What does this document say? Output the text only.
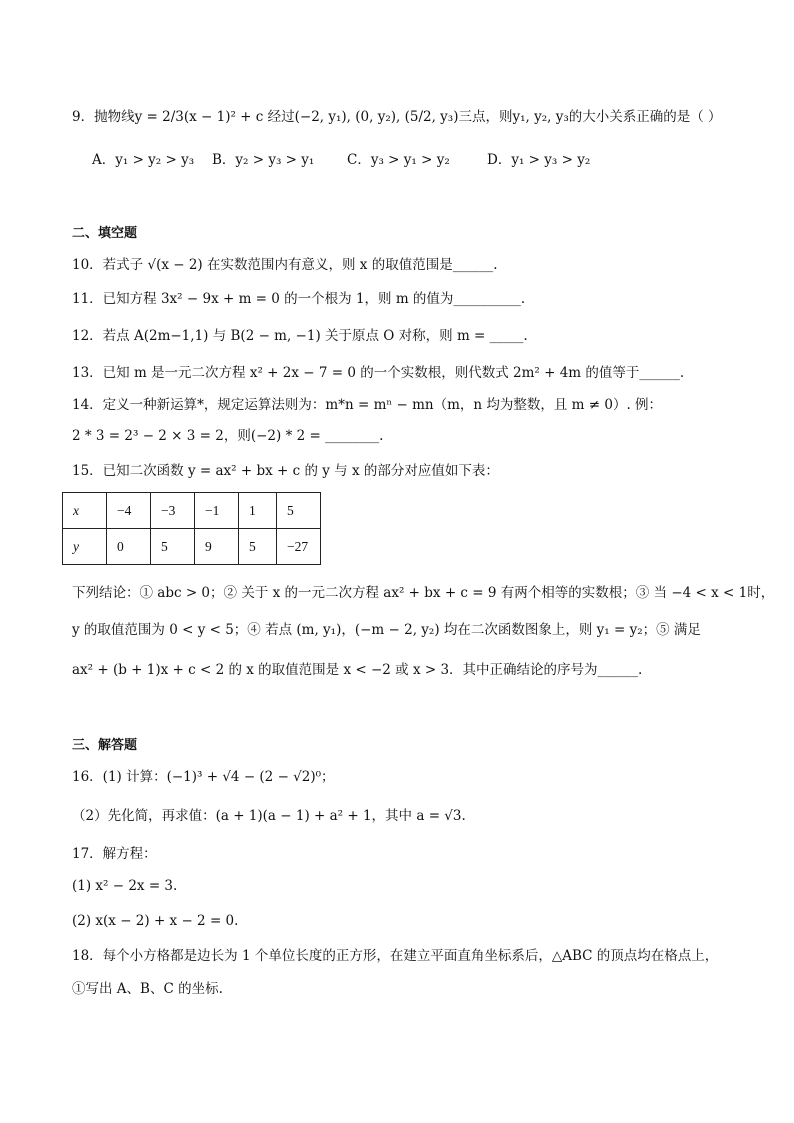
9．抛物线y = 2/3(x − 1)² + c 经过(−2, y₁), (0, y₂), (5/2, y₃)三点，则y₁, y₂, y₃的大小关系正确的是（ ）
A．y₁ > y₂ > y₃ B．y₂ > y₃ > y₁ C．y₃ > y₁ > y₂	D．y₁ > y₃ > y₂
二、填空题
10．若式子 √(x − 2) 在实数范围内有意义，则 x 的取值范围是______.
11．已知方程 3x² − 9x + m = 0 的一个根为 1，则 m 的值为__________.
12．若点 A(2m−1,1) 与 B(2 − m, −1) 关于原点 O 对称，则 m = _____.
13．已知 m 是一元二次方程 x² + 2x − 7 = 0 的一个实数根，则代数式 2m² + 4m 的值等于______.
14．定义一种新运算*，规定运算法则为：m*n = mⁿ − mn（m，n 均为整数，且 m ≠ 0）. 例：
2 * 3 = 2³ − 2 × 3 = 2，则(−2) * 2 = ________.
15．已知二次函数 y = ax² + bx + c 的 y 与 x 的部分对应值如下表：
x	−4	−3	−1	1	5
y	0	5	9	5	−27
下列结论：① abc > 0；② 关于 x 的一元二次方程 ax² + bx + c = 9 有两个相等的实数根；③ 当 −4 < x < 1时，
y 的取值范围为 0 < y < 5；④ 若点 (m, y₁)，(−m − 2, y₂) 均在二次函数图象上，则 y₁ = y₂；⑤ 满足
ax² + (b + 1)x + c < 2 的 x 的取值范围是 x < −2 或 x > 3．其中正确结论的序号为______.
三、解答题
16．(1) 计算：(−1)³ + √4 − (2 − √2)⁰；
（2）先化简，再求值：(a + 1)(a − 1) + a² + 1，其中 a = √3.
17．解方程：
(1) x² − 2x = 3.
(2) x(x − 2) + x − 2 = 0.
18．每个小方格都是边长为 1 个单位长度的正方形，在建立平面直角坐标系后，△ABC 的顶点均在格点上，
①写出 A、B、C 的坐标.
